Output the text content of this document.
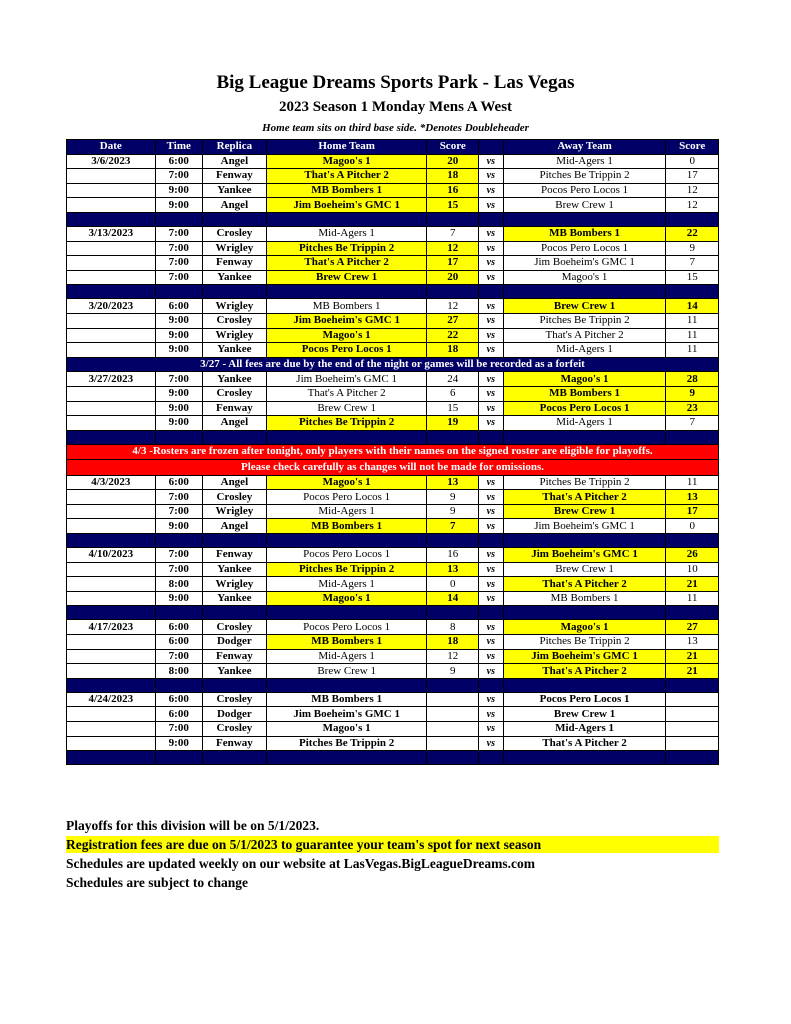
Big League Dreams Sports Park - Las Vegas
2023 Season 1 Monday Mens A West
Home team sits on third base side. *Denotes Doubleheader
Date	Time	Replica	Home Team	Score		Away Team	Score
3/6/2023	6:00	Angel	Magoo's 1	20	vs	Mid-Agers 1	0
	7:00	Fenway	That's A Pitcher 2	18	vs	Pitches Be Trippin 2	17
	9:00	Yankee	MB Bombers 1	16	vs	Pocos Pero Locos 1	12
	9:00	Angel	Jim Boeheim's GMC 1	15	vs	Brew Crew 1	12

3/13/2023	7:00	Crosley	Mid-Agers 1	7	vs	MB Bombers 1	22
	7:00	Wrigley	Pitches Be Trippin 2	12	vs	Pocos Pero Locos 1	9
	7:00	Fenway	That's A Pitcher 2	17	vs	Jim Boeheim's GMC 1	7
	7:00	Yankee	Brew Crew 1	20	vs	Magoo's 1	15

3/20/2023	6:00	Wrigley	MB Bombers 1	12	vs	Brew Crew 1	14
	9:00	Crosley	Jim Boeheim's GMC 1	27	vs	Pitches Be Trippin 2	11
	9:00	Wrigley	Magoo's 1	22	vs	That's A Pitcher 2	11
	9:00	Yankee	Pocos Pero Locos 1	18	vs	Mid-Agers 1	11
3/27 - All fees are due by the end of the night or games will be recorded as a forfeit							
3/27/2023	7:00	Yankee	Jim Boeheim's GMC 1	24	vs	Magoo's 1	28
	9:00	Crosley	That's A Pitcher 2	6	vs	MB Bombers 1	9
	9:00	Fenway	Brew Crew 1	15	vs	Pocos Pero Locos 1	23
	9:00	Angel	Pitches Be Trippin 2	19	vs	Mid-Agers 1	7

4/3 -Rosters are frozen after tonight, only players with their names on the signed roster are eligible for playoffs.							
Please check carefully as changes will not be made for omissions.							
4/3/2023	6:00	Angel	Magoo's 1	13	vs	Pitches Be Trippin 2	11
	7:00	Crosley	Pocos Pero Locos 1	9	vs	That's A Pitcher 2	13
	7:00	Wrigley	Mid-Agers 1	9	vs	Brew Crew 1	17
	9:00	Angel	MB Bombers 1	7	vs	Jim Boeheim's GMC 1	0

4/10/2023	7:00	Fenway	Pocos Pero Locos 1	16	vs	Jim Boeheim's GMC 1	26
	7:00	Yankee	Pitches Be Trippin 2	13	vs	Brew Crew 1	10
	8:00	Wrigley	Mid-Agers 1	0	vs	That's A Pitcher 2	21
	9:00	Yankee	Magoo's 1	14	vs	MB Bombers 1	11

4/17/2023	6:00	Crosley	Pocos Pero Locos 1	8	vs	Magoo's 1	27
	6:00	Dodger	MB Bombers 1	18	vs	Pitches Be Trippin 2	13
	7:00	Fenway	Mid-Agers 1	12	vs	Jim Boeheim's GMC 1	21
	8:00	Yankee	Brew Crew 1	9	vs	That's A Pitcher 2	21

4/24/2023	6:00	Crosley	MB Bombers 1		vs	Pocos Pero Locos 1	
	6:00	Dodger	Jim Boeheim's GMC 1		vs	Brew Crew 1	
	7:00	Crosley	Magoo's 1		vs	Mid-Agers 1	
	9:00	Fenway	Pitches Be Trippin 2		vs	That's A Pitcher 2	

Playoffs for this division will be on 5/1/2023.
Registration fees are due on 5/1/2023 to guarantee your team's spot for next season
Schedules are updated weekly on our website at LasVegas.BigLeagueDreams.com
Schedules are subject to change
